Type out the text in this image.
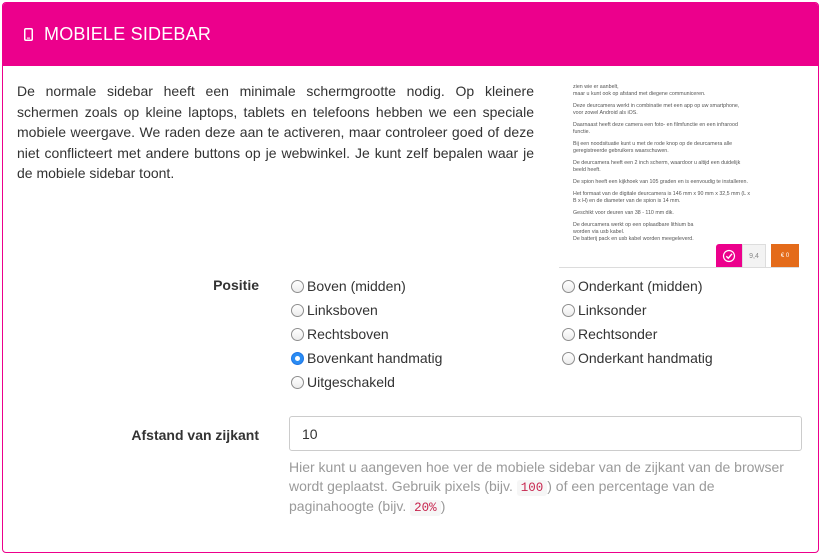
MOBIELE SIDEBAR

De normale sidebar heeft een minimale schermgrootte nodig. Op kleinere schermen zoals op kleine laptops, tablets en telefoons hebben we een speciale mobiele weergave. We raden deze aan te activeren, maar controleer goed of deze niet conflicteert met andere buttons op je webwinkel. Je kunt zelf bepalen waar je de mobiele sidebar toont.

zien wie er aanbelt,
maar u kunt ook op afstand met diegene communiceren.
Deze deurcamera werkt in combinatie met een app op uw smartphone,
voor zowel Android als iOS.
Daarnaast heeft deze camera een foto- en filmfunctie en een infrarood
functie.
Bij een noodsituatie kunt u met de rode knop op de deurcamera alle
geregistreerde gebruikers waarschuwen.
De deurcamera heeft een 2 inch scherm, waardoor u altijd een duidelijk
beeld heeft.
De spion heeft een kijkhoek van 105 graden en is eenvoudig te installeren.
Het formaat van de digitale deurcamera is 146 mm x 90 mm x 32,5 mm (L x
B x H) en de diameter van de spion is 14 mm.
Geschikt voor deuren van 38 - 110 mm dik.
De deurcamera werkt op een oplaadbare lithium ba
worden via usb kabel.
De batterij pack en usb kabel worden meegeleverd.
9,4	€ 0
Positie	Boven (midden)	Onderkant (midden)
Linksboven	Linksonder
Rechtsboven	Rechtsonder
Bovenkant handmatig	Onderkant handmatig
Uitgeschakeld
Afstand van zijkant
10

Hier kunt u aangeven hoe ver de mobiele sidebar van de zijkant van de browser wordt geplaatst. Gebruik pixels (bijv. 100 ) of een percentage van de paginahoogte (bijv. 20% )
